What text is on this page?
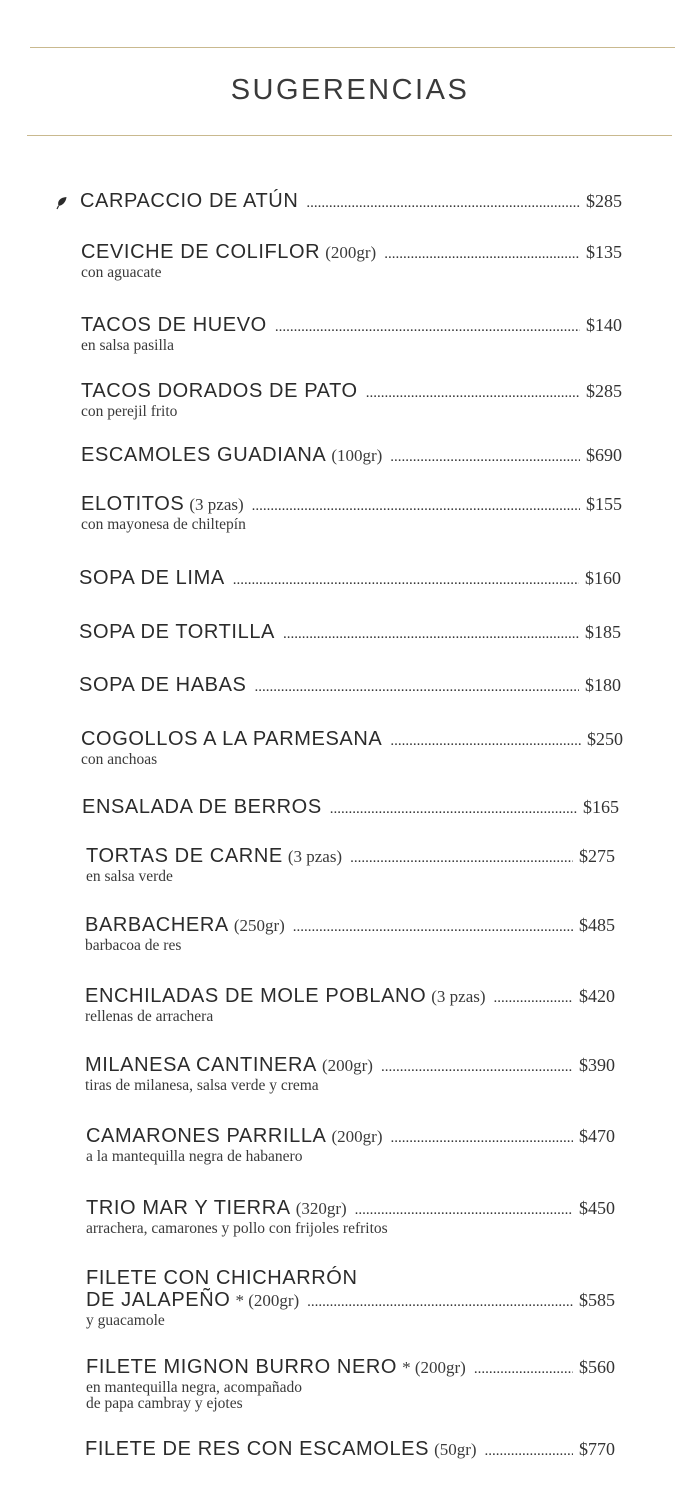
SUGERENCIAS
CARPACCIO DE ATÚN .....	$285
CEVICHE DE COLIFLOR (200gr) .....	$135
con aguacate
TACOS DE HUEVO .....	$140
en salsa pasilla
TACOS DORADOS DE PATO .....	$285
con perejil frito
ESCAMOLES GUADIANA (100gr) .....	$690
ELOTITOS (3 pzas) .....	$155
con mayonesa de chiltepín
SOPA DE LIMA .....	$160
SOPA DE TORTILLA .....	$185
SOPA DE HABAS .....	$180
COGOLLOS A LA PARMESANA .....	$250
con anchoas
ENSALADA DE BERROS .....	$165
TORTAS DE CARNE (3 pzas) .....	$275
en salsa verde
BARBACHERA (250gr) .....	$485
barbacoa de res
ENCHILADAS DE MOLE POBLANO (3 pzas) .....	$420
rellenas de arrachera
MILANESA CANTINERA (200gr) .....	$390
tiras de milanesa, salsa verde y crema
CAMARONES PARRILLA (200gr) .....	$470
a la mantequilla negra de habanero
TRIO MAR Y TIERRA (320gr) .....	$450
arrachera, camarones y pollo con frijoles refritos
FILETE CON CHICHARRÓN
DE JALAPEÑO * (200gr) .....	$585
y guacamole
FILETE MIGNON BURRO NERO * (200gr) .....	$560
en mantequilla negra, acompañado
de papa cambray y ejotes
FILETE DE RES CON ESCAMOLES (50gr) .....	$770
